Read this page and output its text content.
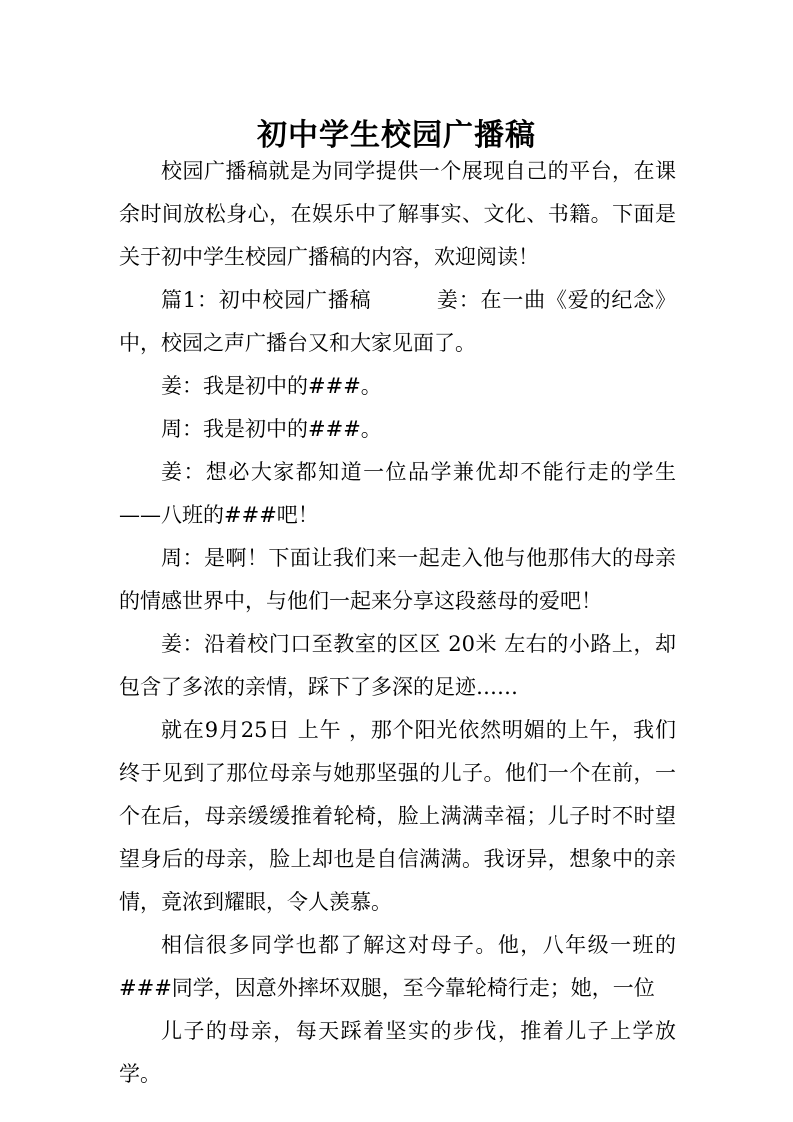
初中学生校园广播稿

校园广播稿就是为同学提供一个展现自己的平台，在课余时间放松身心，在娱乐中了解事实、文化、书籍。下面是关于初中学生校园广播稿的内容，欢迎阅读！

篇1：初中校园广播稿　　　姜：在一曲《爱的纪念》中，校园之声广播台又和大家见面了。

姜：我是初中的###。

周：我是初中的###。

姜：想必大家都知道一位品学兼优却不能行走的学生——八班的###吧！

周：是啊！下面让我们来一起走入他与他那伟大的母亲的情感世界中，与他们一起来分享这段慈母的爱吧！

姜：沿着校门口至教室的区区 20米 左右的小路上，却包含了多浓的亲情，踩下了多深的足迹……

就在9月25日 上午 ，那个阳光依然明媚的上午，我们终于见到了那位母亲与她那坚强的儿子。他们一个在前，一个在后，母亲缓缓推着轮椅，脸上满满幸福；儿子时不时望望身后的母亲，脸上却也是自信满满。我讶异，想象中的亲情，竟浓到耀眼，令人羡慕。

相信很多同学也都了解这对母子。他，八年级一班的###同学，因意外摔坏双腿，至今靠轮椅行走；她，一位

儿子的母亲，每天踩着坚实的步伐，推着儿子上学放学。
